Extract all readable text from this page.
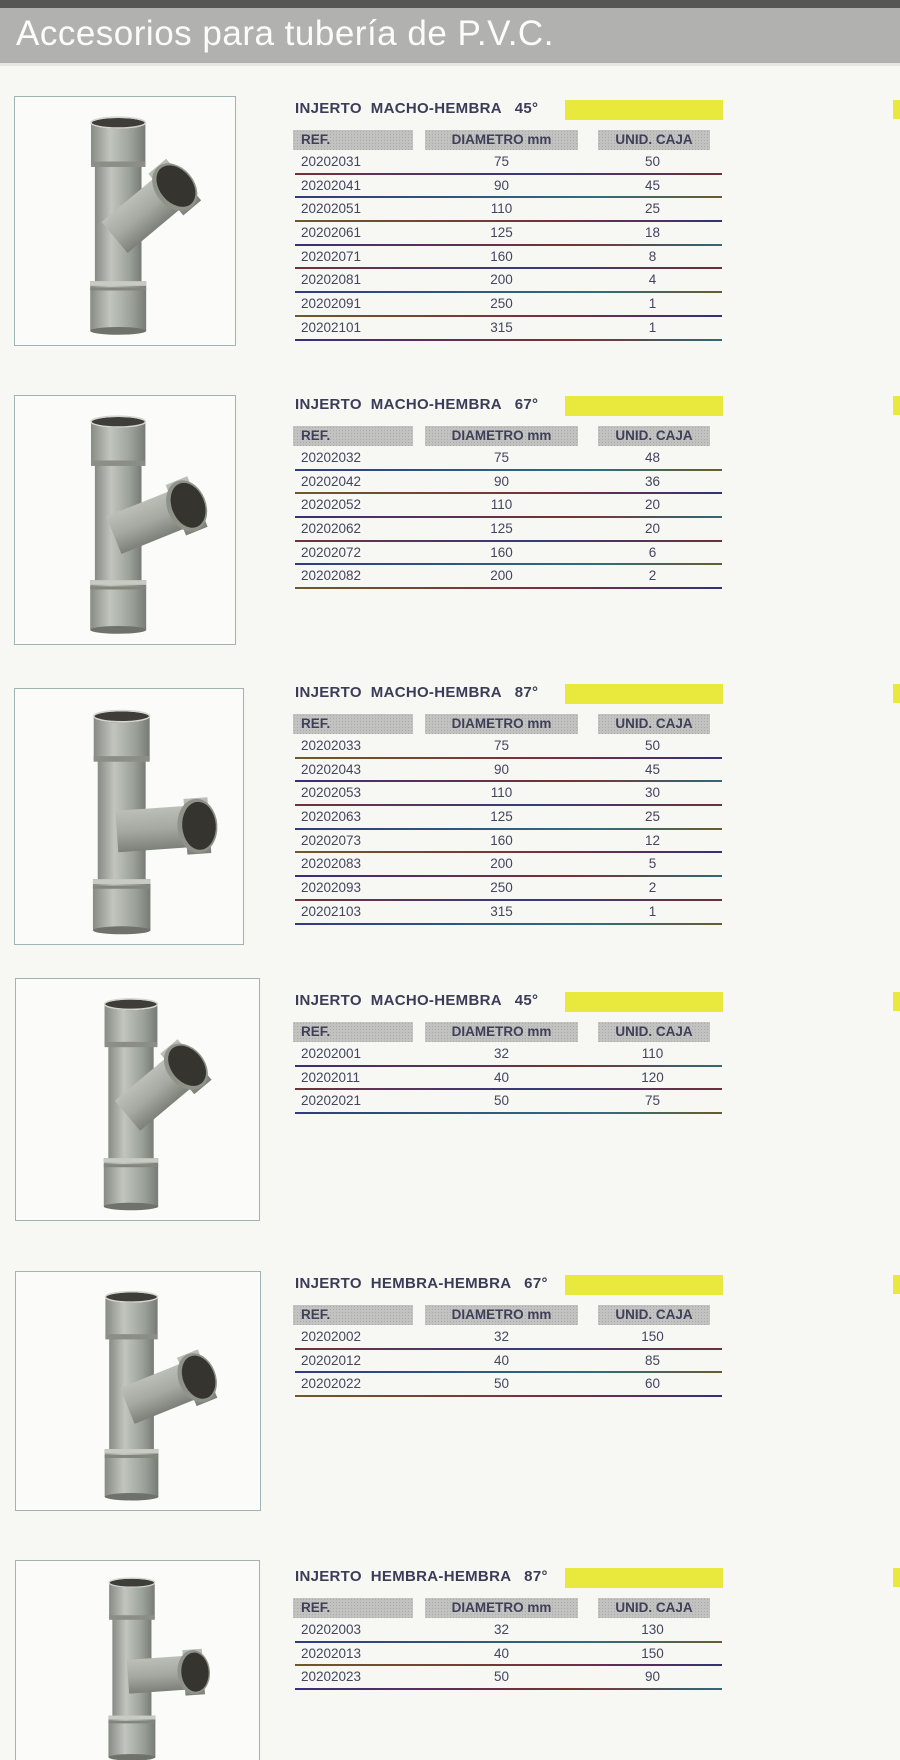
Accesorios para tubería de P.V.C.
INJERTO  MACHO-HEMBRA   45°
REF.	DIAMETRO mm	UNID. CAJA
20202031	75	50
20202041	90	45
20202051	110	25
20202061	125	18
20202071	160	8
20202081	200	4
20202091	250	1
20202101	315	1
INJERTO  MACHO-HEMBRA   67°
REF.	DIAMETRO mm	UNID. CAJA
20202032	75	48
20202042	90	36
20202052	110	20
20202062	125	20
20202072	160	6
20202082	200	2
INJERTO  MACHO-HEMBRA   87°
REF.	DIAMETRO mm	UNID. CAJA
20202033	75	50
20202043	90	45
20202053	110	30
20202063	125	25
20202073	160	12
20202083	200	5
20202093	250	2
20202103	315	1
INJERTO  MACHO-HEMBRA   45°
REF.	DIAMETRO mm	UNID. CAJA
20202001	32	110
20202011	40	120
20202021	50	75
INJERTO  HEMBRA-HEMBRA   67°
REF.	DIAMETRO mm	UNID. CAJA
20202002	32	150
20202012	40	85
20202022	50	60
INJERTO  HEMBRA-HEMBRA   87°
REF.	DIAMETRO mm	UNID. CAJA
20202003	32	130
20202013	40	150
20202023	50	90
